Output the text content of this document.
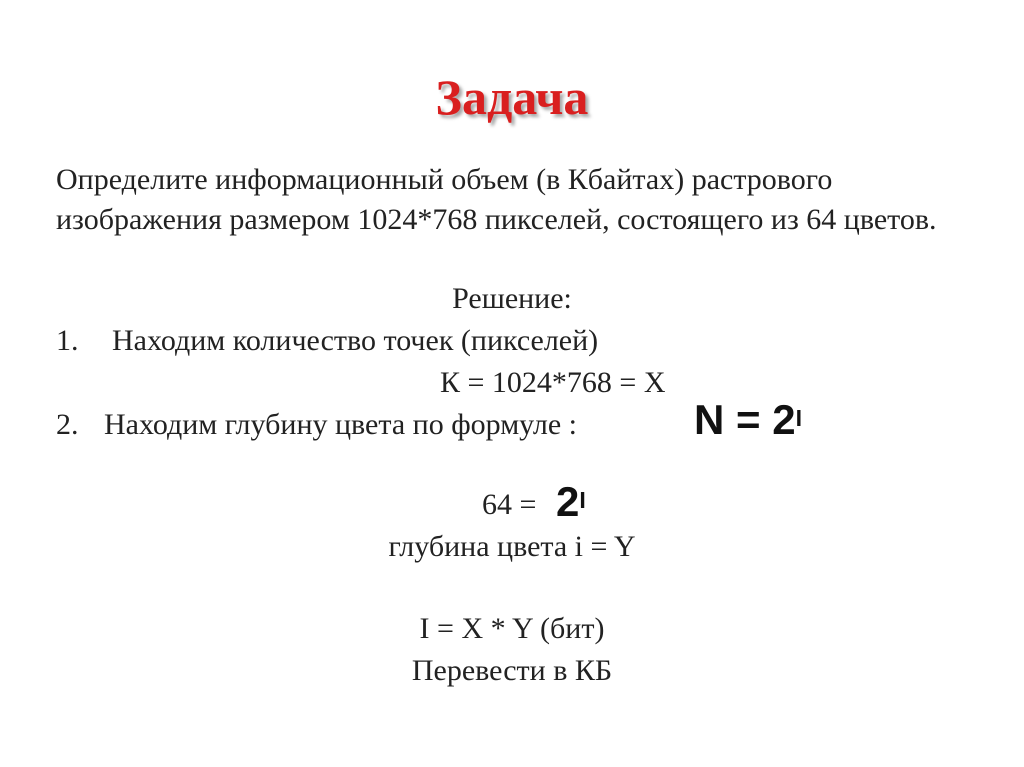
Задача
Определите информационный объем (в Кбайтах) растрового изображения размером 1024*768 пикселей, состоящего из 64 цветов.
Решение:
1. Находим количество точек (пикселей)
К = 1024*768 = Х
2. Находим глубину цвета по формуле :	$N = 2^I$
$64 = 2^I$
глубина цвета i = Y
I = X * Y (бит)
Перевести в КБ
